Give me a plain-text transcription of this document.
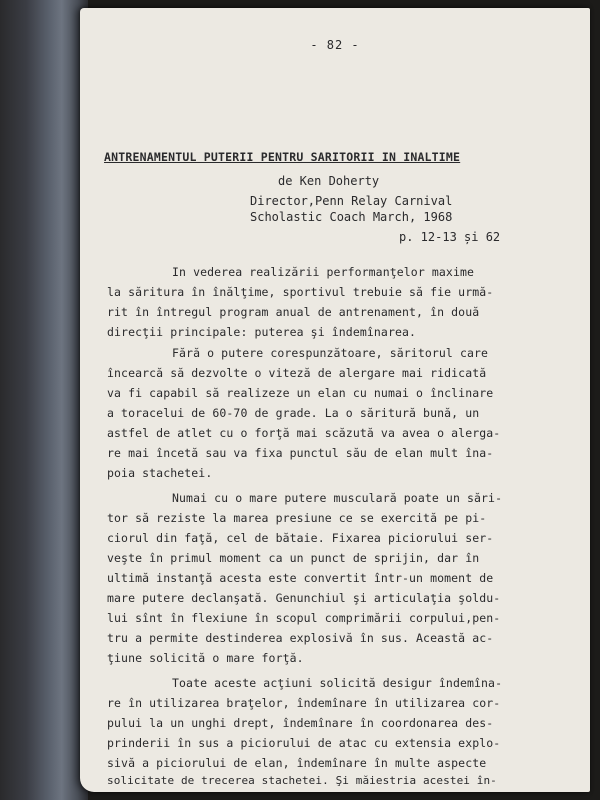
- 82 -
ANTRENAMENTUL PUTERII PENTRU SARITORII IN INALTIME
de Ken Doherty
Director,Penn Relay Carnival
Scholastic Coach March, 1968
p. 12-13 și 62
In vederea realizării performanţelor maxime
la săritura în înălţime, sportivul trebuie să fie urmă-
rit în întregul program anual de antrenament, în două
direcţii principale: puterea şi îndemînarea.
Fără o putere corespunzătoare, săritorul care
încearcă să dezvolte o viteză de alergare mai ridicată
va fi capabil să realizeze un elan cu numai o înclinare
a toracelui de 60-70 de grade. La o săritură bună, un
astfel de atlet cu o forţă mai scăzută va avea o alerga-
re mai încetă sau va fixa punctul său de elan mult îna-
poia stachetei.
Numai cu o mare putere musculară poate un sări-
tor să reziste la marea presiune ce se exercită pe pi-
ciorul din faţă, cel de bătaie. Fixarea piciorului ser-
veşte în primul moment ca un punct de sprijin, dar în
ultimă instanţă acesta este convertit într-un moment de
mare putere declanşată. Genunchiul şi articulaţia şoldu-
lui sînt în flexiune în scopul comprimării corpului,pen-
tru a permite destinderea explosivă în sus. Această ac-
ţiune solicită o mare forţă.
Toate aceste acţiuni solicită desigur îndemîna-
re în utilizarea braţelor, îndemînare în utilizarea cor-
pului la un unghi drept, îndemînare în coordonarea des-
prinderii în sus a piciorului de atac cu extensia explo-
sivă a piciorului de elan, îndemînare în multe aspecte
solicitate de trecerea stachetei. Şi măiestria acestei în-
